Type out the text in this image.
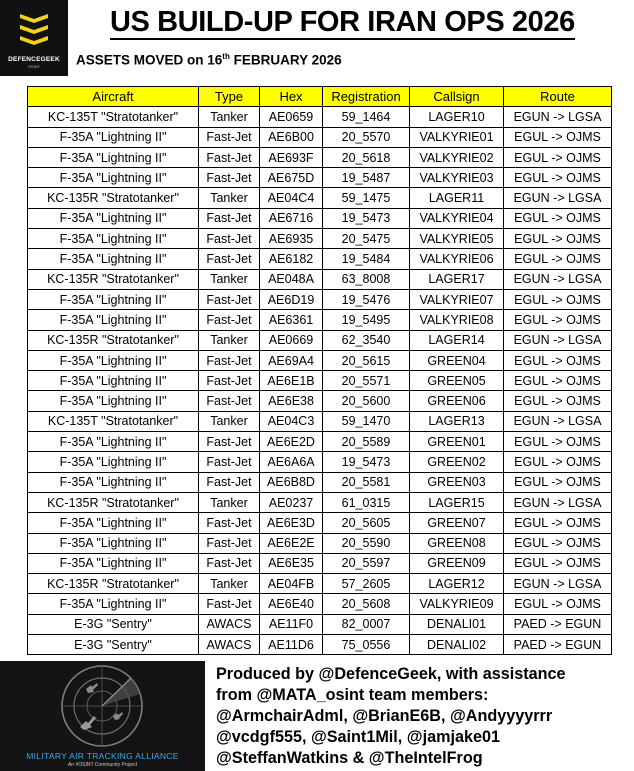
DEFENCEGEEK
OSINT
US BUILD-UP FOR IRAN OPS 2026
ASSETS MOVED on 16th FEBRUARY 2026
Aircraft	Type	Hex	Registration	Callsign	Route
KC-135T "Stratotanker"	Tanker	AE0659	59_1464	LAGER10	EGUN -> LGSA
F-35A "Lightning II"	Fast-Jet	AE6B00	20_5570	VALKYRIE01	EGUL -> OJMS
F-35A "Lightning II"	Fast-Jet	AE693F	20_5618	VALKYRIE02	EGUL -> OJMS
F-35A "Lightning II"	Fast-Jet	AE675D	19_5487	VALKYRIE03	EGUL -> OJMS
KC-135R "Stratotanker"	Tanker	AE04C4	59_1475	LAGER11	EGUN -> LGSA
F-35A "Lightning II"	Fast-Jet	AE6716	19_5473	VALKYRIE04	EGUL -> OJMS
F-35A "Lightning II"	Fast-Jet	AE6935	20_5475	VALKYRIE05	EGUL -> OJMS
F-35A "Lightning II"	Fast-Jet	AE6182	19_5484	VALKYRIE06	EGUL -> OJMS
KC-135R "Stratotanker"	Tanker	AE048A	63_8008	LAGER17	EGUN -> LGSA
F-35A "Lightning II"	Fast-Jet	AE6D19	19_5476	VALKYRIE07	EGUL -> OJMS
F-35A "Lightning II"	Fast-Jet	AE6361	19_5495	VALKYRIE08	EGUL -> OJMS
KC-135R "Stratotanker"	Tanker	AE0669	62_3540	LAGER14	EGUN -> LGSA
F-35A "Lightning II"	Fast-Jet	AE69A4	20_5615	GREEN04	EGUL -> OJMS
F-35A "Lightning II"	Fast-Jet	AE6E1B	20_5571	GREEN05	EGUL -> OJMS
F-35A "Lightning II"	Fast-Jet	AE6E38	20_5600	GREEN06	EGUL -> OJMS
KC-135T "Stratotanker"	Tanker	AE04C3	59_1470	LAGER13	EGUN -> LGSA
F-35A "Lightning II"	Fast-Jet	AE6E2D	20_5589	GREEN01	EGUL -> OJMS
F-35A "Lightning II"	Fast-Jet	AE6A6A	19_5473	GREEN02	EGUL -> OJMS
F-35A "Lightning II"	Fast-Jet	AE6B8D	20_5581	GREEN03	EGUL -> OJMS
KC-135R "Stratotanker"	Tanker	AE0237	61_0315	LAGER15	EGUN -> LGSA
F-35A "Lightning II"	Fast-Jet	AE6E3D	20_5605	GREEN07	EGUL -> OJMS
F-35A "Lightning II"	Fast-Jet	AE6E2E	20_5590	GREEN08	EGUL -> OJMS
F-35A "Lightning II"	Fast-Jet	AE6E35	20_5597	GREEN09	EGUL -> OJMS
KC-135R "Stratotanker"	Tanker	AE04FB	57_2605	LAGER12	EGUN -> LGSA
F-35A "Lightning II"	Fast-Jet	AE6E40	20_5608	VALKYRIE09	EGUL -> OJMS
E-3G "Sentry"	AWACS	AE11F0	82_0007	DENALI01	PAED -> EGUN
E-3G "Sentry"	AWACS	AE11D6	75_0556	DENALI02	PAED -> EGUN
MILITARY AIR TRACKING ALLIANCE
An #OSINT Community Project
Produced by @DefenceGeek, with assistance
from @MATA_osint team members:
@ArmchairAdml, @BrianE6B, @Andyyyyrrr
@vcdgf555, @Saint1Mil, @jamjake01
@SteffanWatkins & @TheIntelFrog
